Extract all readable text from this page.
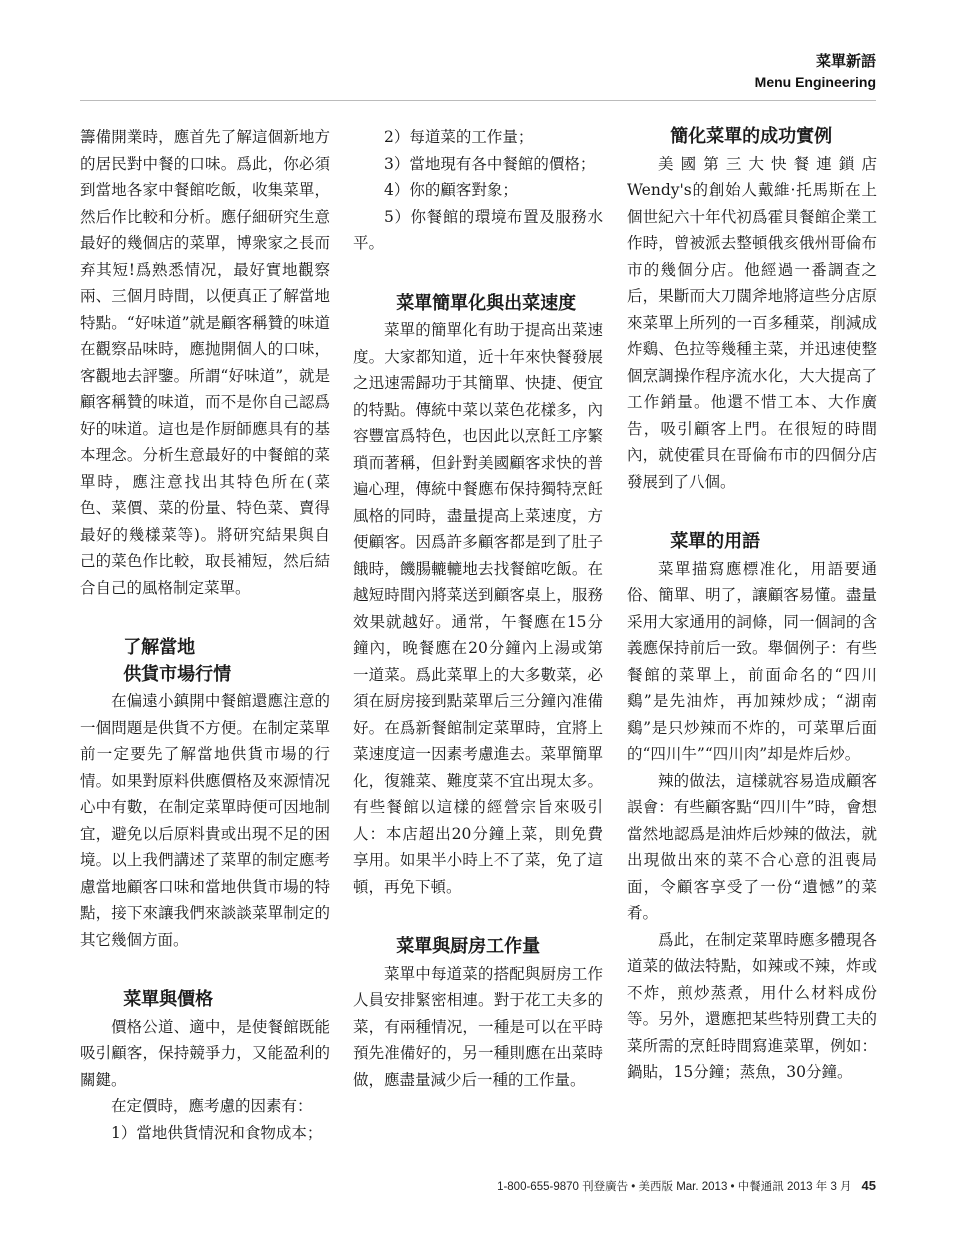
菜單新語
Menu Engineering

籌備開業時，應首先了解這個新地方的居民對中餐的口味。爲此，你必須到當地各家中餐館吃飯，收集菜單，然后作比較和分析。應仔細研究生意最好的幾個店的菜單，博衆家之長而弃其短!爲熟悉情况，最好實地觀察兩、三個月時間，以便真正了解當地特點。“好味道”就是顧客稱贊的味道在觀察品味時，應抛開個人的口味，客觀地去評鑒。所謂“好味道”，就是顧客稱贊的味道，而不是你自己認爲好的味道。這也是作厨師應具有的基本理念。分析生意最好的中餐館的菜單時，應注意找出其特色所在(菜色、菜價、菜的份量、特色菜、賣得最好的幾樣菜等)。將研究結果與自己的菜色作比較，取長補短，然后結合自己的風格制定菜單。

了解當地
供貨市場行情

在偏遠小鎮開中餐館還應注意的一個問題是供貨不方便。在制定菜單前一定要先了解當地供貨市場的行情。如果對原料供應價格及來源情况心中有數，在制定菜單時便可因地制宜，避免以后原料貴或出現不足的困境。以上我們講述了菜單的制定應考慮當地顧客口味和當地供貨市場的特點，接下來讓我們來談談菜單制定的其它幾個方面。

菜單與價格

價格公道、適中，是使餐館既能吸引顧客，保持競爭力，又能盈利的關鍵。

在定價時，應考慮的因素有：

1）當地供貨情況和食物成本；

2）每道菜的工作量；

3）當地現有各中餐館的價格；

4）你的顧客對象；

5）你餐館的環境布置及服務水平。

菜單簡單化與出菜速度

菜單的簡單化有助于提高出菜速度。大家都知道，近十年來快餐發展之迅速需歸功于其簡單、快捷、便宜的特點。傳統中菜以菜色花樣多，內容豐富爲特色，也因此以烹飪工序繁瑣而著稱，但針對美國顧客求快的普遍心理，傳統中餐應布保持獨特烹飪風格的同時，盡量提高上菜速度，方便顧客。因爲許多顧客都是到了肚子餓時，饑腸轆轆地去找餐館吃飯。在越短時間內將菜送到顧客桌上，服務效果就越好。通常，午餐應在15分鐘內，晚餐應在20分鐘內上湯或第一道菜。爲此菜單上的大多數菜，必須在厨房接到點菜單后三分鐘內准備好。在爲新餐館制定菜單時，宜將上菜速度這一因素考慮進去。菜單簡單化，復雜菜、難度菜不宜出現太多。有些餐館以這樣的經營宗旨來吸引人：本店超出20分鐘上菜，則免費享用。如果半小時上不了菜，免了這頓，再免下頓。

菜單與厨房工作量

菜單中每道菜的搭配與厨房工作人員安排緊密相連。對于花工夫多的菜，有兩種情况，一種是可以在平時預先准備好的，另一種則應在出菜時做，應盡量減少后一種的工作量。

簡化菜單的成功實例

美國第三大快餐連鎖店Wendy's的創始人戴維·托馬斯在上個世紀六十年代初爲霍貝餐館企業工作時，曾被派去整頓俄亥俄州哥倫布市的幾個分店。他經過一番調查之后，果斷而大刀闊斧地將這些分店原來菜單上所列的一百多種菜，削減成炸鷄、色拉等幾種主菜，并迅速使整個烹調操作程序流水化，大大提高了工作銷量。他還不惜工本、大作廣告，吸引顧客上門。在很短的時間內，就使霍貝在哥倫布市的四個分店發展到了八個。

菜單的用語

菜單描寫應標准化，用語要通俗、簡單、明了，讓顧客易懂。盡量采用大家通用的詞條，同一個詞的含義應保持前后一致。舉個例子：有些餐館的菜單上，前面命名的“四川鷄”是先油炸，再加辣炒成；“湖南鷄”是只炒辣而不炸的，可菜單后面的“四川牛”“四川肉”却是炸后炒。

辣的做法，這樣就容易造成顧客誤會：有些顧客點“四川牛”時，會想當然地認爲是油炸后炒辣的做法，就出現做出來的菜不合心意的沮喪局面，令顧客享受了一份“遺憾”的菜肴。

爲此，在制定菜單時應多體現各道菜的做法特點，如辣或不辣，炸或不炸，煎炒蒸煮，用什么材料成份等。另外，還應把某些特別費工夫的菜所需的烹飪時間寫進菜單，例如：鍋貼，15分鐘；蒸魚，30分鐘。

1-800-655-9870 刊登廣告 • 美西版 Mar. 2013 • 中餐通訊 2013 年 3 月 45
